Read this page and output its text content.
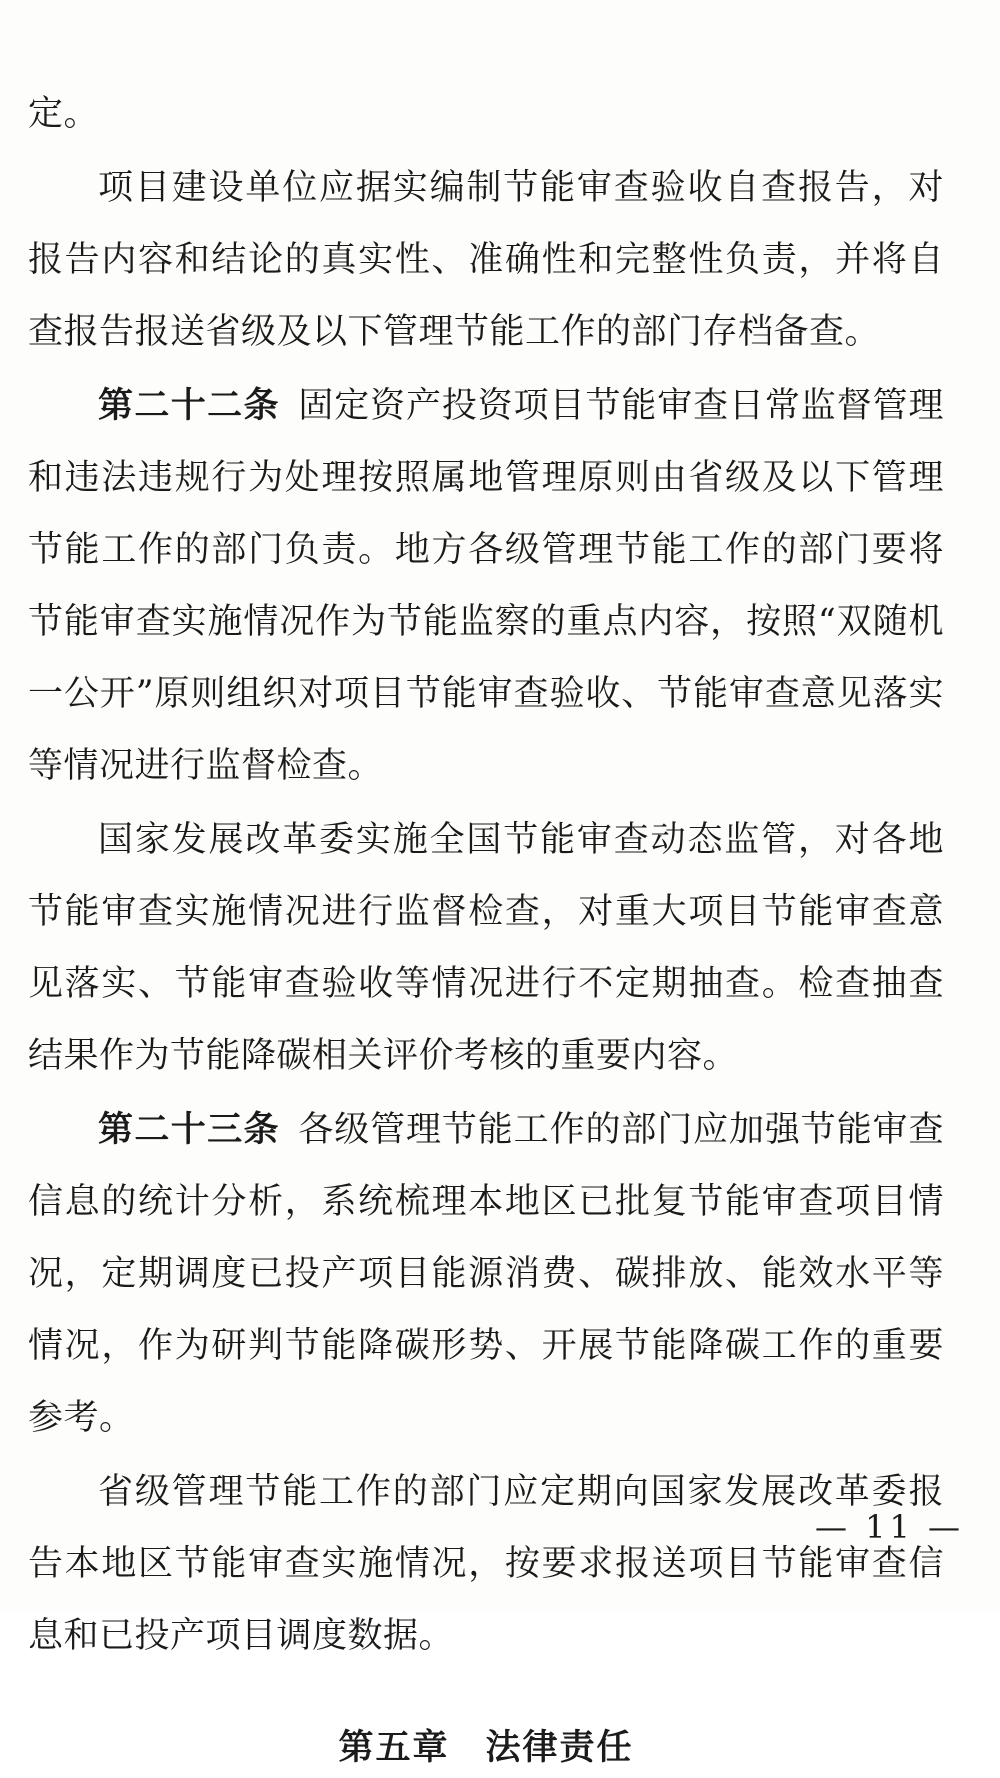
定。

项目建设单位应据实编制节能审查验收自查报告，对报告内容和结论的真实性、准确性和完整性负责，并将自查报告报送省级及以下管理节能工作的部门存档备查。

第二十二条 固定资产投资项目节能审查日常监督管理和违法违规行为处理按照属地管理原则由省级及以下管理节能工作的部门负责。地方各级管理节能工作的部门要将节能审查实施情况作为节能监察的重点内容，按照“双随机一公开”原则组织对项目节能审查验收、节能审查意见落实等情况进行监督检查。

国家发展改革委实施全国节能审查动态监管，对各地节能审查实施情况进行监督检查，对重大项目节能审查意见落实、节能审查验收等情况进行不定期抽查。检查抽查结果作为节能降碳相关评价考核的重要内容。

第二十三条 各级管理节能工作的部门应加强节能审查信息的统计分析，系统梳理本地区已批复节能审查项目情况，定期调度已投产项目能源消费、碳排放、能效水平等情况，作为研判节能降碳形势、开展节能降碳工作的重要参考。

省级管理节能工作的部门应定期向国家发展改革委报告本地区节能审查实施情况，按要求报送项目节能审查信息和已投产项目调度数据。

第五章 法律责任
— 11 —
